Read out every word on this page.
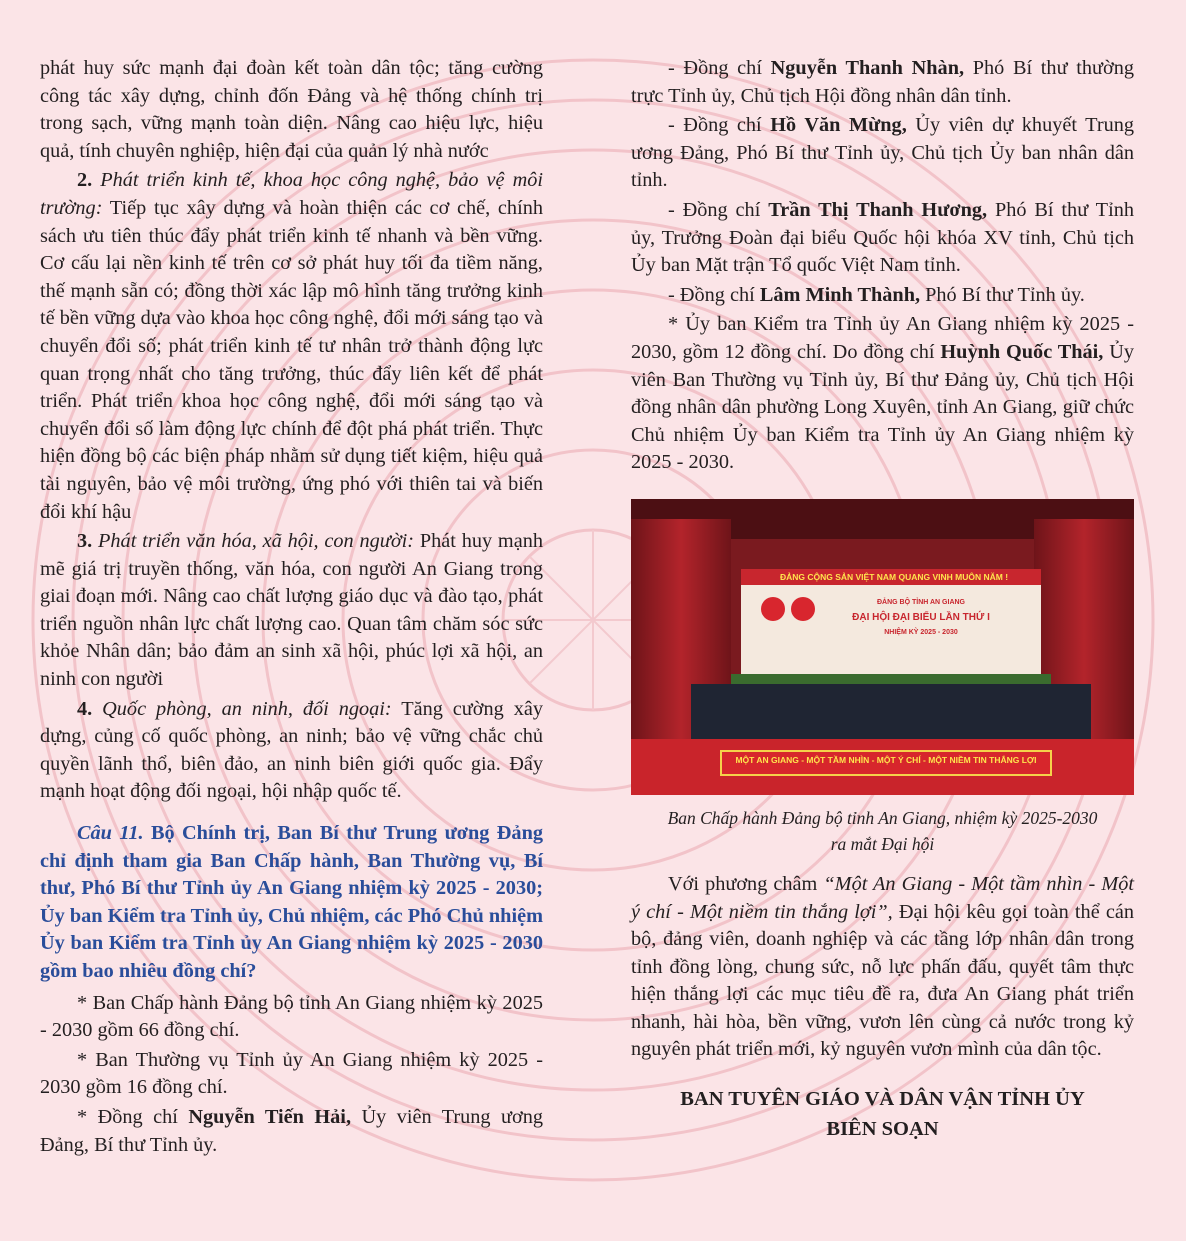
phát huy sức mạnh đại đoàn kết toàn dân tộc; tăng cường công tác xây dựng, chỉnh đốn Đảng và hệ thống chính trị trong sạch, vững mạnh toàn diện. Nâng cao hiệu lực, hiệu quả, tính chuyên nghiệp, hiện đại của quản lý nhà nước

2. Phát triển kinh tế, khoa học công nghệ, bảo vệ môi trường: Tiếp tục xây dựng và hoàn thiện các cơ chế, chính sách ưu tiên thúc đẩy phát triển kinh tế nhanh và bền vững. Cơ cấu lại nền kinh tế trên cơ sở phát huy tối đa tiềm năng, thế mạnh sẵn có; đồng thời xác lập mô hình tăng trưởng kinh tế bền vững dựa vào khoa học công nghệ, đổi mới sáng tạo và chuyển đổi số; phát triển kinh tế tư nhân trở thành động lực quan trọng nhất cho tăng trưởng, thúc đẩy liên kết để phát triển. Phát triển khoa học công nghệ, đổi mới sáng tạo và chuyển đổi số làm động lực chính để đột phá phát triển. Thực hiện đồng bộ các biện pháp nhằm sử dụng tiết kiệm, hiệu quả tài nguyên, bảo vệ môi trường, ứng phó với thiên tai và biến đổi khí hậu

3. Phát triển văn hóa, xã hội, con người: Phát huy mạnh mẽ giá trị truyền thống, văn hóa, con người An Giang trong giai đoạn mới. Nâng cao chất lượng giáo dục và đào tạo, phát triển nguồn nhân lực chất lượng cao. Quan tâm chăm sóc sức khỏe Nhân dân; bảo đảm an sinh xã hội, phúc lợi xã hội, an ninh con người

4. Quốc phòng, an ninh, đối ngoại: Tăng cường xây dựng, củng cố quốc phòng, an ninh; bảo vệ vững chắc chủ quyền lãnh thổ, biên đảo, an ninh biên giới quốc gia. Đẩy mạnh hoạt động đối ngoại, hội nhập quốc tế.

Câu 11. Bộ Chính trị, Ban Bí thư Trung ương Đảng chỉ định tham gia Ban Chấp hành, Ban Thường vụ, Bí thư, Phó Bí thư Tỉnh ủy An Giang nhiệm kỳ 2025 - 2030; Ủy ban Kiểm tra Tỉnh ủy, Chủ nhiệm, các Phó Chủ nhiệm Ủy ban Kiểm tra Tỉnh ủy An Giang nhiệm kỳ 2025 - 2030 gồm bao nhiêu đồng chí?

* Ban Chấp hành Đảng bộ tỉnh An Giang nhiệm kỳ 2025 - 2030 gồm 66 đồng chí.

* Ban Thường vụ Tỉnh ủy An Giang nhiệm kỳ 2025 - 2030 gồm 16 đồng chí.

* Đồng chí Nguyễn Tiến Hải, Ủy viên Trung ương Đảng, Bí thư Tỉnh ủy.

- Đồng chí Nguyễn Thanh Nhàn, Phó Bí thư thường trực Tỉnh ủy, Chủ tịch Hội đồng nhân dân tỉnh.

- Đồng chí Hồ Văn Mừng, Ủy viên dự khuyết Trung ương Đảng, Phó Bí thư Tỉnh ủy, Chủ tịch Ủy ban nhân dân tỉnh.

- Đồng chí Trần Thị Thanh Hương, Phó Bí thư Tỉnh ủy, Trưởng Đoàn đại biểu Quốc hội khóa XV tỉnh, Chủ tịch Ủy ban Mặt trận Tổ quốc Việt Nam tỉnh.

- Đồng chí Lâm Minh Thành, Phó Bí thư Tỉnh ủy.

* Ủy ban Kiểm tra Tỉnh ủy An Giang nhiệm kỳ 2025 - 2030, gồm 12 đồng chí. Do đồng chí Huỳnh Quốc Thái, Ủy viên Ban Thường vụ Tỉnh ủy, Bí thư Đảng ủy, Chủ tịch Hội đồng nhân dân phường Long Xuyên, tỉnh An Giang, giữ chức Chủ nhiệm Ủy ban Kiểm tra Tỉnh ủy An Giang nhiệm kỳ 2025 - 2030.

ĐẢNG CỘNG SẢN VIỆT NAM QUANG VINH MUÔN NĂM !
ĐẢNG BỘ TỈNH AN GIANG
ĐẠI HỘI ĐẠI BIỂU LẦN THỨ I
NHIỆM KỲ 2025 - 2030
MỘT AN GIANG - MỘT TẦM NHÌN - MỘT Ý CHÍ - MỘT NIỀM TIN THẮNG LỢI

Ban Chấp hành Đảng bộ tỉnh An Giang, nhiệm kỳ 2025-2030
ra mắt Đại hội

Với phương châm “Một An Giang - Một tầm nhìn - Một ý chí - Một niềm tin thắng lợi”, Đại hội kêu gọi toàn thể cán bộ, đảng viên, doanh nghiệp và các tầng lớp nhân dân trong tỉnh đồng lòng, chung sức, nỗ lực phấn đấu, quyết tâm thực hiện thắng lợi các mục tiêu đề ra, đưa An Giang phát triển nhanh, hài hòa, bền vững, vươn lên cùng cả nước trong kỷ nguyên phát triển mới, kỷ nguyên vươn mình của dân tộc.

BAN TUYÊN GIÁO VÀ DÂN VẬN TỈNH ỦY
BIÊN SOẠN
